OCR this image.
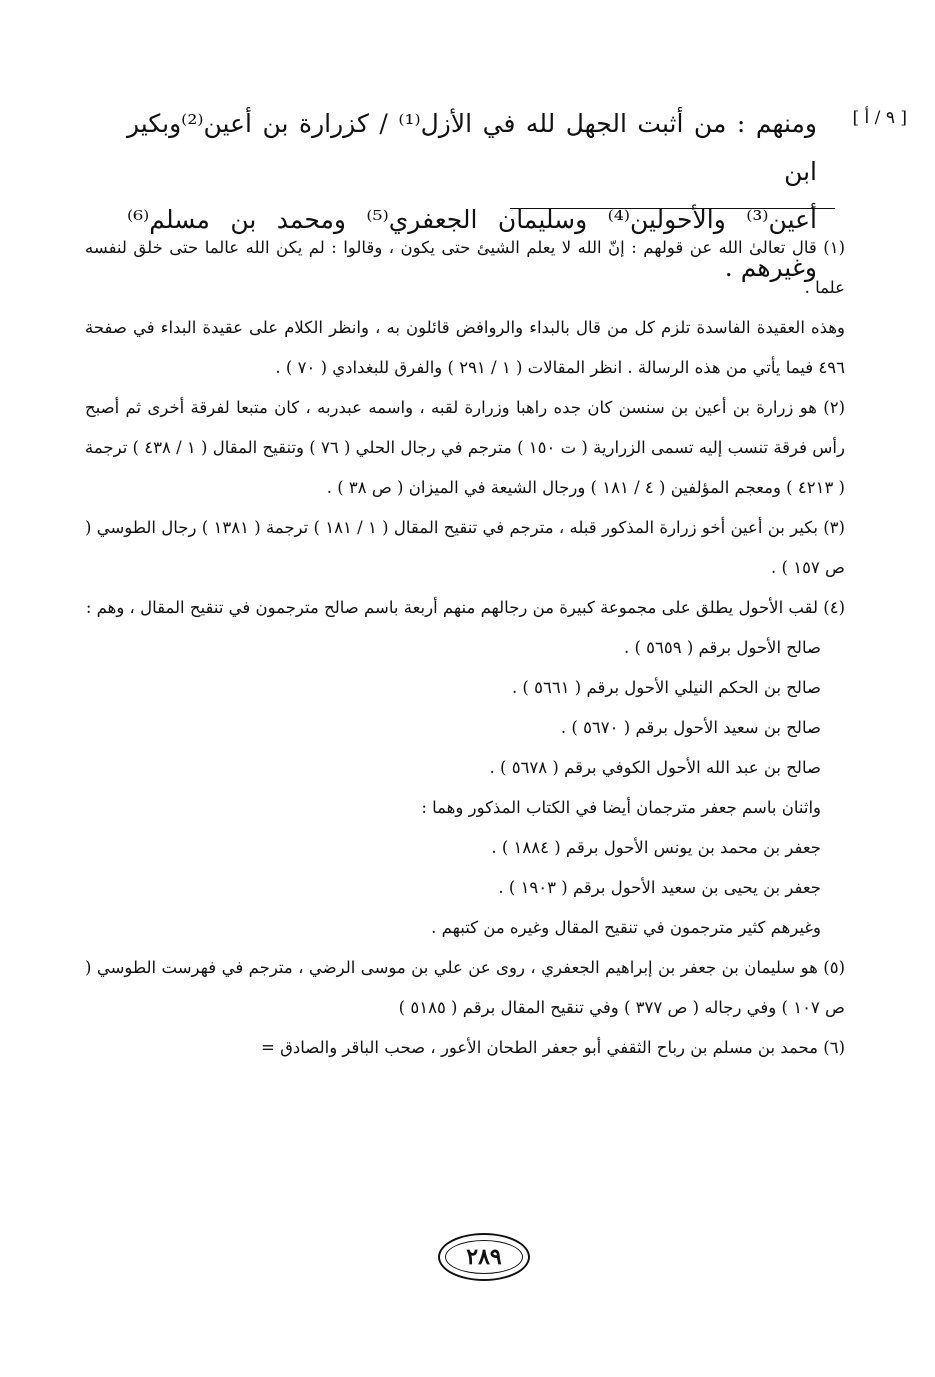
[ ٩ / أ ]

ومنهم : من أثبت الجهل لله في الأزل⁽¹⁾ / كزرارة بن أعين⁽²⁾وبكير ابن

أعين⁽³⁾ والأحولين⁽⁴⁾ وسليمان الجعفري⁽⁵⁾ ومحمد بن مسلم⁽⁶⁾ وغيرهم .

(١) قال تعالىٰ الله عن قولهم : إنّ الله لا يعلم الشيئ حتى يكون ، وقالوا : لم يكن الله عالما حتى خلق لنفسه علما .

وهذه العقيدة الفاسدة تلزم كل من قال بالبداء والروافض قائلون به ، وانظر الكلام على عقيدة البداء في صفحة ٤٩٦ فيما يأتي من هذه الرسالة . انظر المقالات ( ١ / ٢٩١ ) والفرق للبغدادي ( ٧٠ ) .

(٢) هو زرارة بن أعين بن سنسن كان جده راهبا وزرارة لقبه ، واسمه عبدربه ، كان متبعا لفرقة أخرى ثم أصبح رأس فرقة تنسب إليه تسمى الزرارية ( ت ١٥٠ ) مترجم في رجال الحلي ( ٧٦ ) وتنقيح المقال ( ١ / ٤٣٨ ) ترجمة ( ٤٢١٣ ) ومعجم المؤلفين ( ٤ / ١٨١ ) ورجال الشيعة في الميزان ( ص ٣٨ ) .

(٣) بكير بن أعين أخو زرارة المذكور قبله ، مترجم في تنقيح المقال ( ١ / ١٨١ ) ترجمة ( ١٣٨١ ) رجال الطوسي ( ص ١٥٧ ) .

(٤) لقب الأحول يطلق على مجموعة كبيرة من رجالهم منهم أربعة باسم صالح مترجمون في تنقيح المقال ، وهم :

صالح الأحول برقم ( ٥٦٥٩ ) .
صالح بن الحكم النيلي الأحول برقم ( ٥٦٦١ ) .
صالح بن سعيد الأحول برقم ( ٥٦٧٠ ) .
صالح بن عبد الله الأحول الكوفي برقم ( ٥٦٧٨ ) .
واثنان باسم جعفر مترجمان أيضا في الكتاب المذكور وهما :
جعفر بن محمد بن يونس الأحول برقم ( ١٨٨٤ ) .
جعفر بن يحيى بن سعيد الأحول برقم ( ١٩٠٣ ) .
وغيرهم كثير مترجمون في تنقيح المقال وغيره من كتبهم .

(٥) هو سليمان بن جعفر بن إبراهيم الجعفري ، روى عن علي بن موسى الرضي ، مترجم في فهرست الطوسي ( ص ١٠٧ ) وفي رجاله ( ص ٣٧٧ ) وفي تنقيح المقال برقم ( ٥١٨٥ )

(٦) محمد بن مسلم بن رباح الثقفي أبو جعفر الطحان الأعور ، صحب الباقر والصادق =

٢٨٩
